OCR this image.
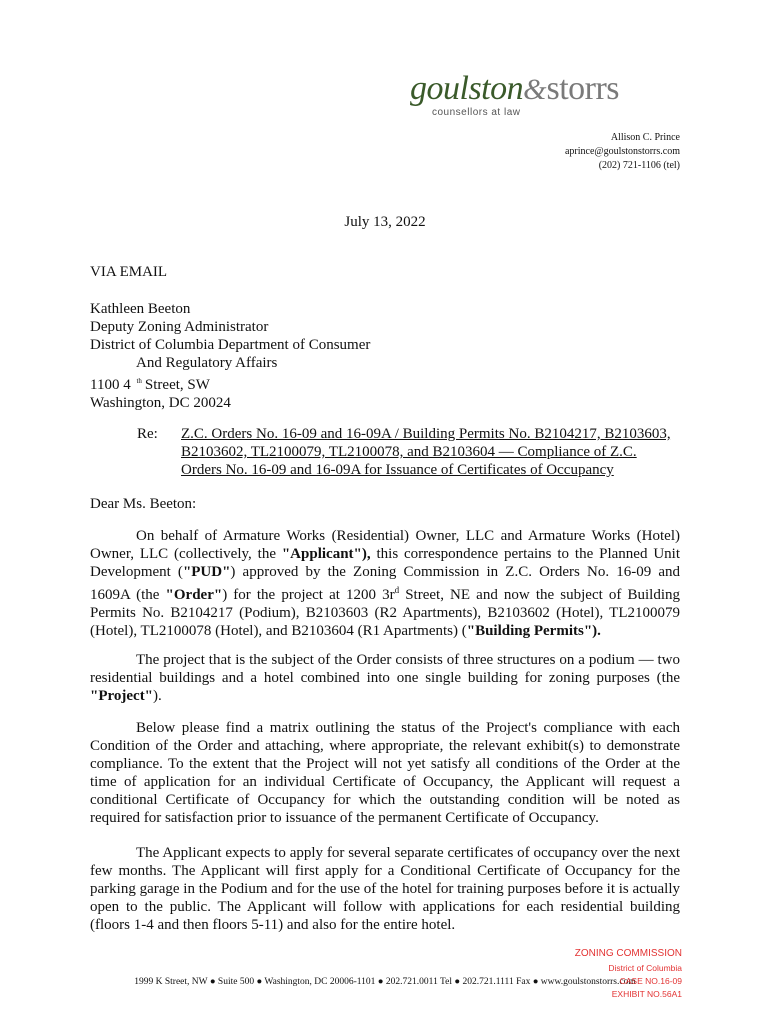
goulston&storrs
counsellors at law
Allison C. Prince
aprince@goulstonstorrs.com
(202) 721-1106 (tel)
July 13, 2022
VIA EMAIL
Kathleen Beeton
Deputy Zoning Administrator
District of Columbia Department of Consumer
And Regulatory Affairs
1100 4 $^{th}$ Street, SW
Washington, DC 20024
Re: Z.C. Orders No. 16-09 and 16-09A / Building Permits No. B2104217, B2103603,
B2103602, TL2100079, TL2100078, and B2103604 — Compliance of Z.C.
Orders No. 16-09 and 16-09A for Issuance of Certificates of Occupancy
Dear Ms. Beeton:

On behalf of Armature Works (Residential) Owner, LLC and Armature Works (Hotel) Owner, LLC (collectively, the "Applicant"), this correspondence pertains to the Planned Unit Development ("PUD") approved by the Zoning Commission in Z.C. Orders No. 16-09 and 1609A (the "Order") for the project at 1200 $3r^d$ Street, NE and now the subject of Building Permits No. B2104217 (Podium), B2103603 (R2 Apartments), B2103602 (Hotel), TL2100079 (Hotel), TL2100078 (Hotel), and B2103604 (R1 Apartments) ("Building Permits").

The project that is the subject of the Order consists of three structures on a podium — two residential buildings and a hotel combined into one single building for zoning purposes (the "Project").

Below please find a matrix outlining the status of the Project's compliance with each Condition of the Order and attaching, where appropriate, the relevant exhibit(s) to demonstrate compliance. To the extent that the Project will not yet satisfy all conditions of the Order at the time of application for an individual Certificate of Occupancy, the Applicant will request a conditional Certificate of Occupancy for which the outstanding condition will be noted as required for satisfaction prior to issuance of the permanent Certificate of Occupancy.

The Applicant expects to apply for several separate certificates of occupancy over the next few months. The Applicant will first apply for a Conditional Certificate of Occupancy for the parking garage in the Podium and for the use of the hotel for training purposes before it is actually open to the public. The Applicant will follow with applications for each residential building (floors 1-4 and then floors 5-11) and also for the entire hotel.

1999 K Street, NW ● Suite 500 ● Washington, DC 20006-1101 ● 202.721.0011 Tel ● 202.721.1111 Fax ● www.goulstonstorrs.com
ZONING COMMISSION
District of Columbia
CASE NO.16-09
EXHIBIT NO.56A1
